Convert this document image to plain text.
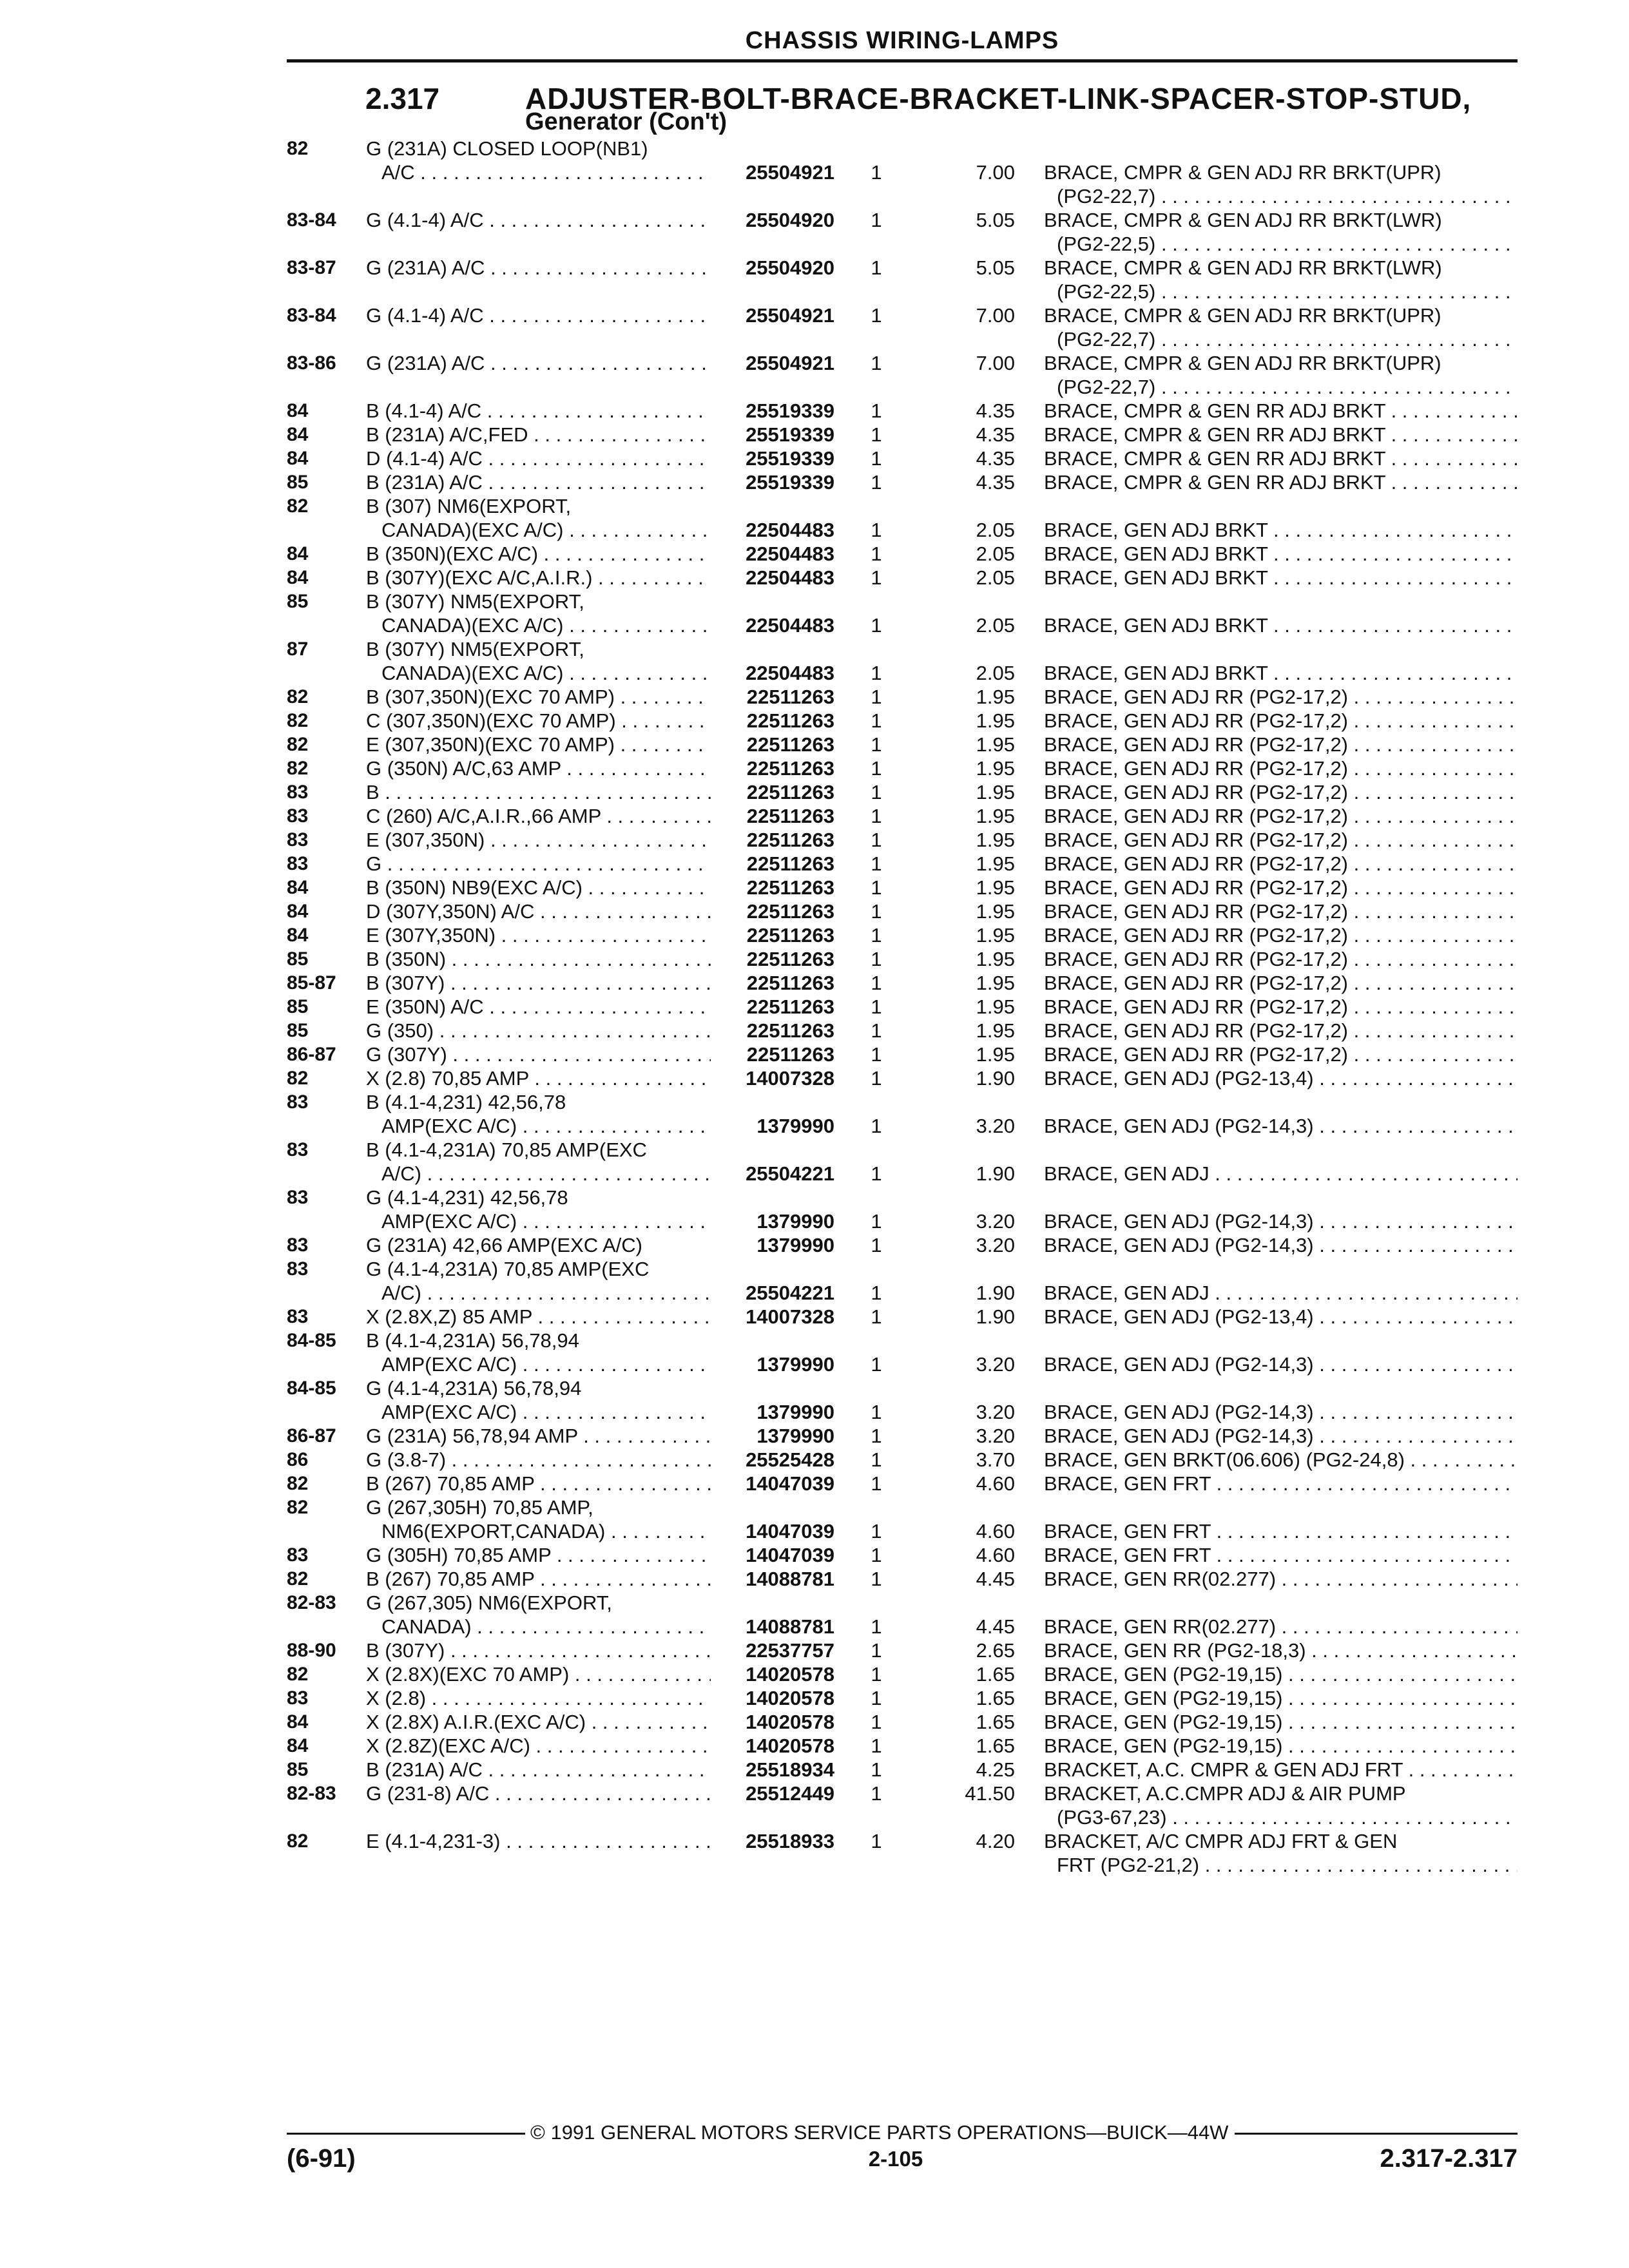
CHASSIS WIRING-LAMPS
2.317	ADJUSTER-BOLT-BRACE-BRACKET-LINK-SPACER-STOP-STUD,
Generator (Con't)
82	G (231A) CLOSED LOOP(NB1)
A/C . . .	25504921 1	7.00 BRACE, CMPR & GEN ADJ RR BRKT(UPR)
(PG2-22,7) . . .
83-84	G (4.1-4) A/C . . .	25504920 1	5.05 BRACE, CMPR & GEN ADJ RR BRKT(LWR)
(PG2-22,5) . . .
83-87	G (231A) A/C . . .	25504920 1	5.05 BRACE, CMPR & GEN ADJ RR BRKT(LWR)
(PG2-22,5) . . .
83-84	G (4.1-4) A/C . . .	25504921 1	7.00 BRACE, CMPR & GEN ADJ RR BRKT(UPR)
(PG2-22,7) . . .
83-86	G (231A) A/C . . .	25504921 1	7.00 BRACE, CMPR & GEN ADJ RR BRKT(UPR)
(PG2-22,7) . . .
84	B (4.1-4) A/C . . .	25519339 1	4.35 BRACE, CMPR & GEN RR ADJ BRKT . . .
84	B (231A) A/C,FED . . .	25519339 1	4.35 BRACE, CMPR & GEN RR ADJ BRKT . . .
84	D (4.1-4) A/C . . .	25519339 1	4.35 BRACE, CMPR & GEN RR ADJ BRKT . . .
85	B (231A) A/C . . .	25519339 1	4.35 BRACE, CMPR & GEN RR ADJ BRKT . . .
82	B (307) NM6(EXPORT,
CANADA)(EXC A/C) . . .	22504483 1	2.05 BRACE, GEN ADJ BRKT . . .
84	B (350N)(EXC A/C) . . .	22504483 1	2.05 BRACE, GEN ADJ BRKT . . .
84	B (307Y)(EXC A/C,A.I.R.) . . .	22504483 1	2.05 BRACE, GEN ADJ BRKT . . .
85	B (307Y) NM5(EXPORT,
CANADA)(EXC A/C) . . .	22504483 1	2.05 BRACE, GEN ADJ BRKT . . .
87	B (307Y) NM5(EXPORT,
CANADA)(EXC A/C) . . .	22504483 1	2.05 BRACE, GEN ADJ BRKT . . .
82	B (307,350N)(EXC 70 AMP) . . .	22511263 1	1.95 BRACE, GEN ADJ RR (PG2-17,2) . . .
82	C (307,350N)(EXC 70 AMP) . . .	22511263 1	1.95 BRACE, GEN ADJ RR (PG2-17,2) . . .
82	E (307,350N)(EXC 70 AMP) . . .	22511263 1	1.95 BRACE, GEN ADJ RR (PG2-17,2) . . .
82	G (350N) A/C,63 AMP . . .	22511263 1	1.95 BRACE, GEN ADJ RR (PG2-17,2) . . .
83	B . . .	22511263 1	1.95 BRACE, GEN ADJ RR (PG2-17,2) . . .
83	C (260) A/C,A.I.R.,66 AMP . . .	22511263 1	1.95 BRACE, GEN ADJ RR (PG2-17,2) . . .
83	E (307,350N) . . .	22511263 1	1.95 BRACE, GEN ADJ RR (PG2-17,2) . . .
83	G . . .	22511263 1	1.95 BRACE, GEN ADJ RR (PG2-17,2) . . .
84	B (350N) NB9(EXC A/C) . . .	22511263 1	1.95 BRACE, GEN ADJ RR (PG2-17,2) . . .
84	D (307Y,350N) A/C . . .	22511263 1	1.95 BRACE, GEN ADJ RR (PG2-17,2) . . .
84	E (307Y,350N) . . .	22511263 1	1.95 BRACE, GEN ADJ RR (PG2-17,2) . . .
85	B (350N) . . .	22511263 1	1.95 BRACE, GEN ADJ RR (PG2-17,2) . . .
85-87	B (307Y) . . .	22511263 1	1.95 BRACE, GEN ADJ RR (PG2-17,2) . . .
85	E (350N) A/C . . .	22511263 1	1.95 BRACE, GEN ADJ RR (PG2-17,2) . . .
85	G (350) . . .	22511263 1	1.95 BRACE, GEN ADJ RR (PG2-17,2) . . .
86-87	G (307Y) . . .	22511263 1	1.95 BRACE, GEN ADJ RR (PG2-17,2) . . .
82	X (2.8) 70,85 AMP . . .	14007328 1	1.90 BRACE, GEN ADJ (PG2-13,4) . . .
83	B (4.1-4,231) 42,56,78
AMP(EXC A/C) . . .	1379990 1	3.20 BRACE, GEN ADJ (PG2-14,3) . . .
83	B (4.1-4,231A) 70,85 AMP(EXC
A/C) . . .	25504221 1	1.90 BRACE, GEN ADJ . . .
83	G (4.1-4,231) 42,56,78
AMP(EXC A/C) . . .	1379990 1	3.20 BRACE, GEN ADJ (PG2-14,3) . . .
83	G (231A) 42,66 AMP(EXC A/C)	1379990 1	3.20 BRACE, GEN ADJ (PG2-14,3) . . .
83	G (4.1-4,231A) 70,85 AMP(EXC
A/C) . . .	25504221 1	1.90 BRACE, GEN ADJ . . .
83	X (2.8X,Z) 85 AMP . . .	14007328 1	1.90 BRACE, GEN ADJ (PG2-13,4) . . .
84-85	B (4.1-4,231A) 56,78,94
AMP(EXC A/C) . . .	1379990 1	3.20 BRACE, GEN ADJ (PG2-14,3) . . .
84-85	G (4.1-4,231A) 56,78,94
AMP(EXC A/C) . . .	1379990 1	3.20 BRACE, GEN ADJ (PG2-14,3) . . .
86-87	G (231A) 56,78,94 AMP . . .	1379990 1	3.20 BRACE, GEN ADJ (PG2-14,3) . . .
86	G (3.8-7) . . .	25525428 1	3.70 BRACE, GEN BRKT(06.606) (PG2-24,8) . . .
82	B (267) 70,85 AMP . . .	14047039 1	4.60 BRACE, GEN FRT . . .
82	G (267,305H) 70,85 AMP,
NM6(EXPORT,CANADA) . . .	14047039 1	4.60 BRACE, GEN FRT . . .
83	G (305H) 70,85 AMP . . .	14047039 1	4.60 BRACE, GEN FRT . . .
82	B (267) 70,85 AMP . . .	14088781 1	4.45 BRACE, GEN RR(02.277) . . .
82-83	G (267,305) NM6(EXPORT,
CANADA) . . .	14088781 1	4.45 BRACE, GEN RR(02.277) . . .
88-90	B (307Y) . . .	22537757 1	2.65 BRACE, GEN RR (PG2-18,3) . . .
82	X (2.8X)(EXC 70 AMP) . . .	14020578 1	1.65 BRACE, GEN (PG2-19,15) . . .
83	X (2.8) . . .	14020578 1	1.65 BRACE, GEN (PG2-19,15) . . .
84	X (2.8X) A.I.R.(EXC A/C) . . .	14020578 1	1.65 BRACE, GEN (PG2-19,15) . . .
84	X (2.8Z)(EXC A/C) . . .	14020578 1	1.65 BRACE, GEN (PG2-19,15) . . .
85	B (231A) A/C . . .	25518934 1	4.25 BRACKET, A.C. CMPR & GEN ADJ FRT . . .
82-83	G (231-8) A/C . . .	25512449 1	41.50 BRACKET, A.C.CMPR ADJ & AIR PUMP
(PG3-67,23) . . .
82	E (4.1-4,231-3) . . .	25518933 1	4.20 BRACKET, A/C CMPR ADJ FRT & GEN
FRT (PG2-21,2) . . .
© 1991 GENERAL MOTORS SERVICE PARTS OPERATIONS—BUICK—44W
(6-91)	2-105	2.317-2.317
